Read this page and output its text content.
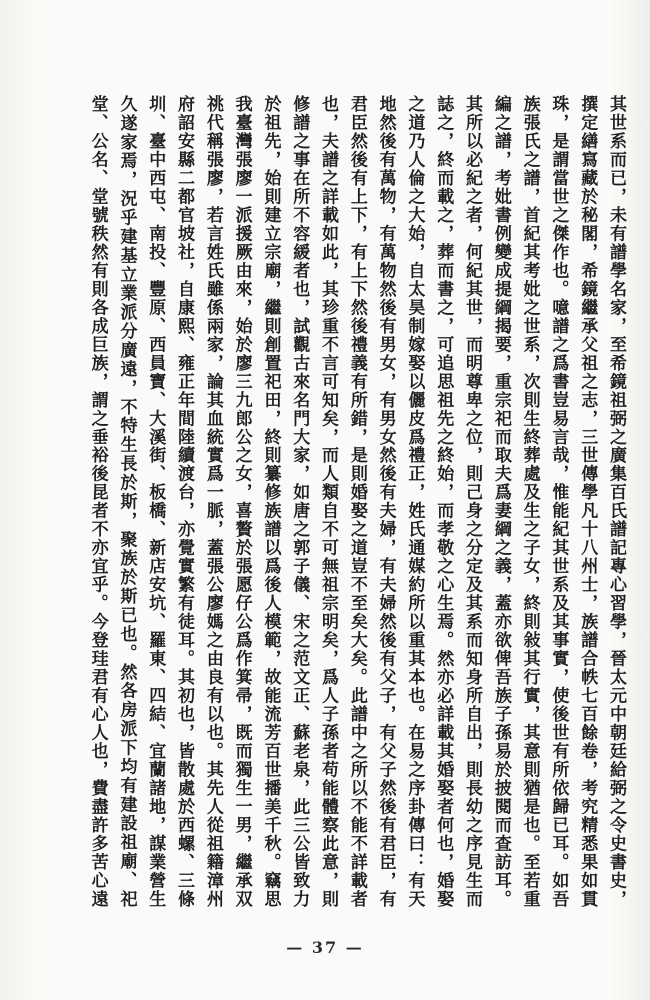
其世系而已，未有譜學名家，至希鏡祖弼之廣集百氏譜記專心習學，晉太元中朝廷給弼之令史書史，

撰定繕寫藏於秘閣，希鏡繼承父祖之志，三世傳學凡十八州士，族譜合帙七百餘卷，考究精悉果如貫

珠，是謂當世之傑作也。噫譜之爲書豈易言哉，惟能紀其世系及其事實，使後世有所依歸已耳。如吾

族張氏之譜，首紀其考妣之世系，次則生終葬處及生之子女，終則敍其行實，其意則猶是也。至若重

編之譜，考妣書例變成提綱揭要，重宗祀而取夫爲妻綱之義，蓋亦欲俾吾族子孫易於披閱而查訪耳。

其所以必紀之者，何紀其世，而明尊卑之位，則己身之分定及其系而知身所自出，則長幼之序見生而

誌之，終而載之，葬而書之，可追思祖先之終始，而孝敬之心生焉。然亦必詳載其婚娶者何也，婚娶

之道乃人倫之大始，自太昊制嫁娶以儷皮爲禮正，姓氏通媒約所以重其本也。在易之序卦傳曰：有天

地然後有萬物，有萬物然後有男女，有男女然後有夫婦，有夫婦然後有父子，有父子然後有君臣，有

君臣然後有上下，有上下然後禮義有所錯，是則婚娶之道豈不至矣大矣。此譜中之所以不能不詳載者

也，夫譜之詳載如此，其珍重不言可知矣，而人類自不可無祖宗明矣，爲人子孫者苟能體察此意，則

修譜之事在所不容緩者也，試觀古來名門大家，如唐之郭子儀、宋之范文正、蘇老泉，此三公皆致力

於祖先，始則建立宗廟，繼則創置祀田，終則纂修族譜以爲後人模範，故能流芳百世播美千秋。竊思

我臺灣張廖一派援厥由來，始於廖三九郎公之女，喜贅於張愿仔公爲作箕帚，既而獨生一男，繼承双

祧代稱張廖，若言姓氏雖係兩家，論其血統實爲一脈，蓋張公廖媽之由良有以也。其先人從祖籍漳州

府詔安縣二都官坡社，自康熙、雍正年間陸續渡台，亦覺實繁有徒耳。其初也，皆散處於西螺、三條

圳、臺中西屯、南投、豐原、西員寶、大溪街、板橋、新店安坑、羅東、四結、宜蘭諸地，謀業營生

久遂家焉，況乎建基立業派分廣遠，不特生長於斯，聚族於斯已也。然各房派下均有建設祖廟、祀

堂、公名、堂號秩然有則各成巨族，謂之垂裕後昆者不亦宜乎。今登珪君有心人也，費盡許多苦心遠

— 37 —
